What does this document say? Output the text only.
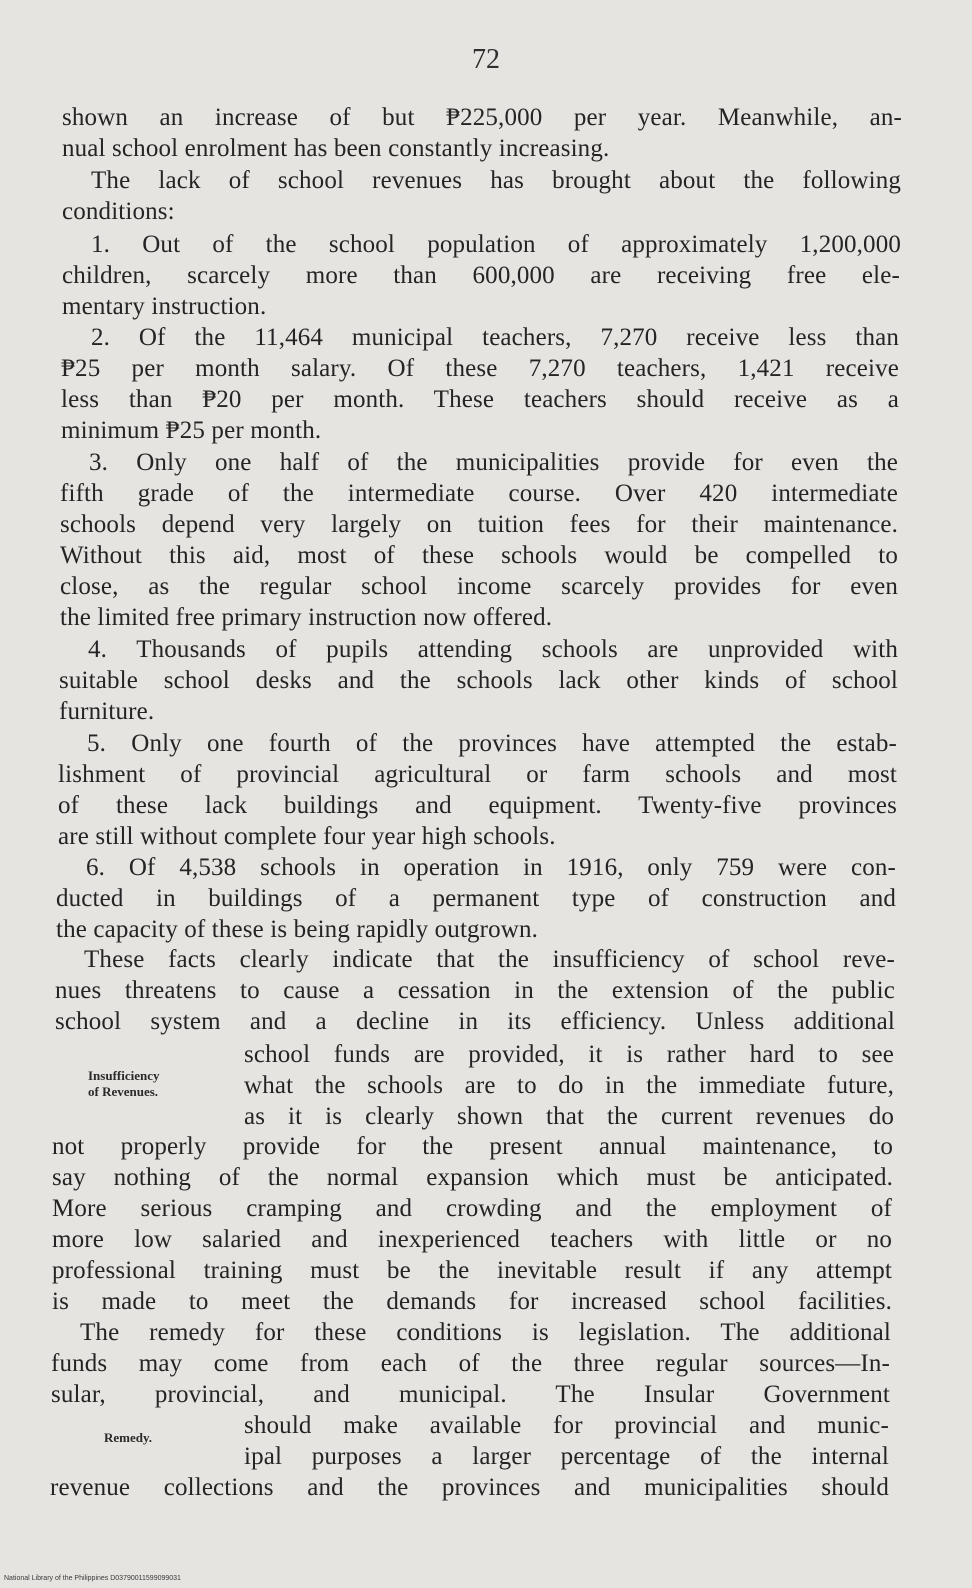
72
shown an increase of but ₱225,000 per year. Meanwhile, an-
nual school enrolment has been constantly increasing.
The lack of school revenues has brought about the following
conditions:
1. Out of the school population of approximately 1,200,000
children, scarcely more than 600,000 are receiving free ele-
mentary instruction.
2. Of the 11,464 municipal teachers, 7,270 receive less than
₱25 per month salary. Of these 7,270 teachers, 1,421 receive
less than ₱20 per month. These teachers should receive as a
minimum ₱25 per month.
3. Only one half of the municipalities provide for even the
fifth grade of the intermediate course. Over 420 intermediate
schools depend very largely on tuition fees for their maintenance.
Without this aid, most of these schools would be compelled to
close, as the regular school income scarcely provides for even
the limited free primary instruction now offered.
4. Thousands of pupils attending schools are unprovided with
suitable school desks and the schools lack other kinds of school
furniture.
5. Only one fourth of the provinces have attempted the estab-
lishment of provincial agricultural or farm schools and most
of these lack buildings and equipment. Twenty-five provinces
are still without complete four year high schools.
6. Of 4,538 schools in operation in 1916, only 759 were con-
ducted in buildings of a permanent type of construction and
the capacity of these is being rapidly outgrown.
These facts clearly indicate that the insufficiency of school reve-
nues threatens to cause a cessation in the extension of the public
school system and a decline in its efficiency. Unless additional
school funds are provided, it is rather hard to see
what the schools are to do in the immediate future,
as it is clearly shown that the current revenues do
not properly provide for the present annual maintenance, to
say nothing of the normal expansion which must be anticipated.
More serious cramping and crowding and the employment of
more low salaried and inexperienced teachers with little or no
professional training must be the inevitable result if any attempt
is made to meet the demands for increased school facilities.
The remedy for these conditions is legislation. The additional
funds may come from each of the three regular sources—In-
sular, provincial, and municipal. The Insular Government
should make available for provincial and munic-
ipal purposes a larger percentage of the internal
revenue collections and the provinces and municipalities should
Insufficiency
of Revenues.
Remedy.
National Library of the Philippines D03790011599099031
